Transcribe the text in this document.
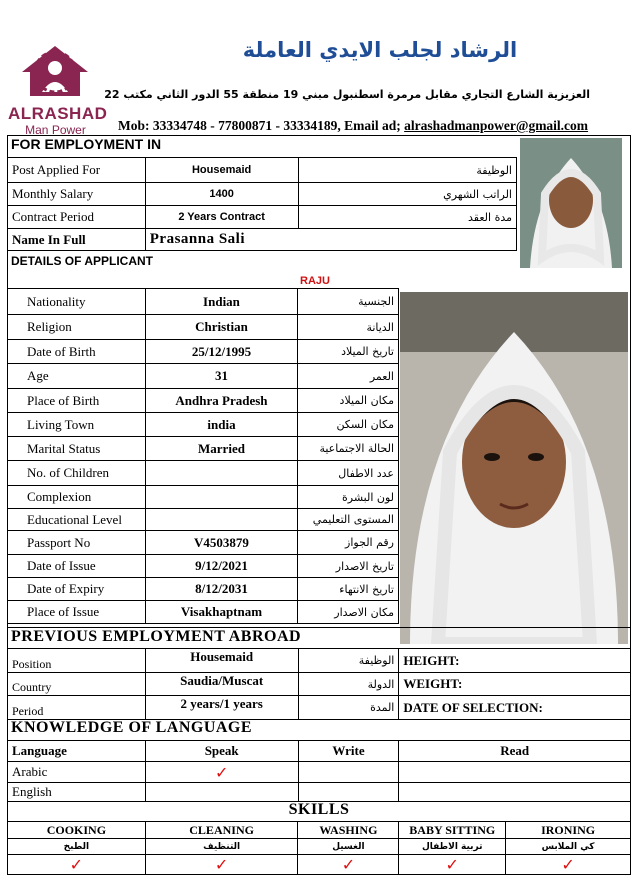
ALRASHAD
Man Power
الرشاد لجلب الايدي العاملة
العزيزية الشارع التجاري مقابل مرمرة اسطنبول مبني 19 منطقة 55 الدور الثاني مكتب 22
Mob: 33334748 - 77800871 - 33334189, Email ad; alrashadmanpower@gmail.com
FOR EMPLOYMENT IN
Post Applied For	Housemaid	الوظيفة
Monthly Salary	1400	الراتب الشهري
Contract Period	2 Years Contract	مدة العقد
Name In Full	Prasanna Sali	
DETAILS OF APPLICANT
RAJU
Nationality	Indian	الجنسية
Religion	Christian	الديانة
Date of Birth	25/12/1995	تاريخ الميلاد
Age	31	العمر
Place of Birth	Andhra Pradesh	مكان الميلاد
Living Town	india	مكان السكن
Marital Status	Married	الحالة الاجتماعية
No. of Children		عدد الاطفال
Complexion		لون البشرة
Educational Level		المستوى التعليمي
Passport No	V4503879	رقم الجواز
Date of Issue	9/12/2021	تاريخ الاصدار
Date of Expiry	8/12/2031	تاريخ الانتهاء
Place of Issue	Visakhaptnam	مكان الاصدار
PREVIOUS EMPLOYMENT ABROAD
Position	Housemaid	الوظيفة	HEIGHT:
Country	Saudia/Muscat	الدولة	WEIGHT:
Period	2 years/1 years	المدة	DATE OF SELECTION:
KNOWLEDGE OF LANGUAGE
Language	Speak	Write	Read
Arabic	✓		
English			
SKILLS
COOKING	CLEANING	WASHING	BABY SITTING	IRONING
الطبخ	التنظيف	الغسيل	تربية الاطفال	كي الملابس
✓	✓	✓	✓	✓
